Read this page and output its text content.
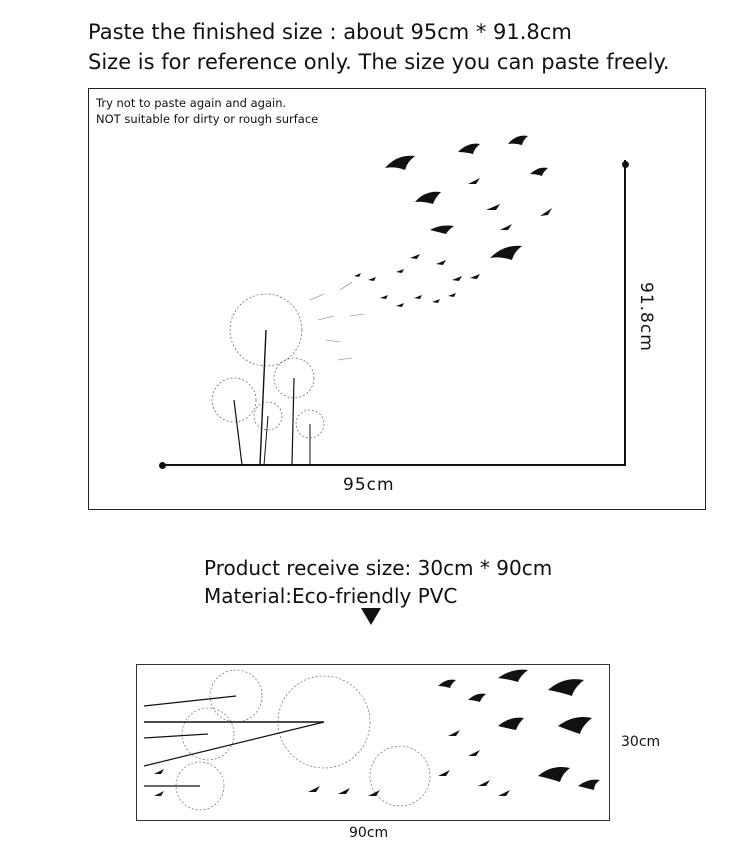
Paste the finished size : about 95cm * 91.8cm
Size is for reference only. The size you can paste freely.
Try not to paste again and again.
NOT suitable for dirty or rough surface
95cm
91.8cm
Product receive size: 30cm * 90cm
Material:Eco-friendly PVC
30cm
90cm
